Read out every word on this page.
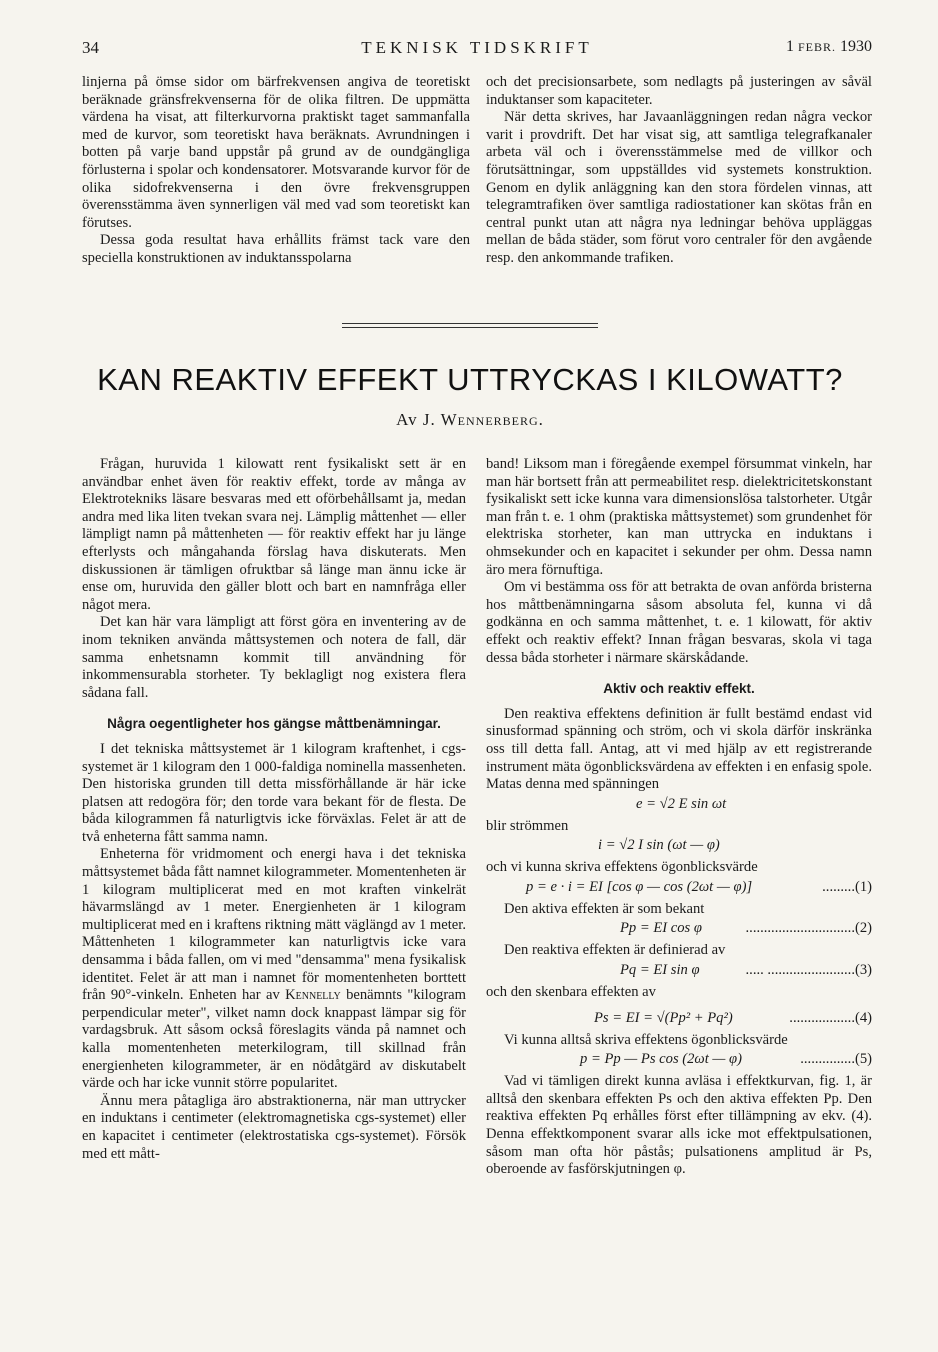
34	TEKNISK TIDSKRIFT	1 FEBR. 1930

linjerna på ömse sidor om bärfrekvensen angiva de teoretiskt beräknade gränsfrekvenserna för de olika filtren. De uppmätta värdena ha visat, att filterkurvorna praktiskt taget sammanfalla med de kurvor, som teoretiskt hava beräknats. Avrundningen i botten på varje band uppstår på grund av de oundgängliga förlusterna i spolar och kondensatorer. Motsvarande kurvor för de olika sidofrekvenserna i den övre frekvensgruppen överensstämma även synnerligen väl med vad som teoretiskt kan förutses.

Dessa goda resultat hava erhållits främst tack vare den speciella konstruktionen av induktansspolarna

och det precisionsarbete, som nedlagts på justeringen av såväl induktanser som kapaciteter.

När detta skrives, har Javaanläggningen redan några veckor varit i provdrift. Det har visat sig, att samtliga telegrafkanaler arbeta väl och i överensstämmelse med de villkor och förutsättningar, som uppställdes vid systemets konstruktion. Genom en dylik anläggning kan den stora fördelen vinnas, att telegramtrafiken över samtliga radiostationer kan skötas från en central punkt utan att några nya ledningar behöva uppläggas mellan de båda städer, som förut voro centraler för den avgående resp. den ankommande trafiken.

KAN REAKTIV EFFEKT UTTRYCKAS I KILOWATT?
Av J. Wennerberg.

Frågan, huruvida 1 kilowatt rent fysikaliskt sett är en användbar enhet även för reaktiv effekt, torde av många av Elektrotekniks läsare besvaras med ett oförbehållsamt ja, medan andra med lika liten tvekan svara nej. Lämplig måttenhet — eller lämpligt namn på måttenheten — för reaktiv effekt har ju länge efterlysts och mångahanda förslag hava diskuterats. Men diskussionen är tämligen ofruktbar så länge man ännu icke är ense om, huruvida den gäller blott och bart en namnfråga eller något mera.

Det kan här vara lämpligt att först göra en inventering av de inom tekniken använda måttsystemen och notera de fall, där samma enhetsnamn kommit till användning för inkommensurabla storheter. Ty beklagligt nog existera flera sådana fall.

Några oegentligheter hos gängse måttbenämningar.

I det tekniska måttsystemet är 1 kilogram kraftenhet, i cgs-systemet är 1 kilogram den 1 000-faldiga nominella massenheten. Den historiska grunden till detta missförhållande är här icke platsen att redogöra för; den torde vara bekant för de flesta. De båda kilogrammen få naturligtvis icke förväxlas. Felet är att de två enheterna fått samma namn.

Enheterna för vridmoment och energi hava i det tekniska måttsystemet båda fått namnet kilogrammeter. Momentenheten är 1 kilogram multiplicerat med en mot kraften vinkelrät hävarmslängd av 1 meter. Energienheten är 1 kilogram multiplicerat med en i kraftens riktning mätt väglängd av 1 meter. Måttenheten 1 kilogrammeter kan naturligtvis icke vara densamma i båda fallen, om vi med "densamma" mena fysikalisk identitet. Felet är att man i namnet för momentenheten borttett från 90°-vinkeln. Enheten har av Kennelly benämnts "kilogram perpendicular meter", vilket namn dock knappast lämpar sig för vardagsbruk. Att såsom också föreslagits vända på namnet och kalla momentenheten meterkilogram, till skillnad från energienheten kilogrammeter, är en nödåtgärd av diskutabelt värde och har icke vunnit större popularitet.

Ännu mera påtagliga äro abstraktionerna, när man uttrycker en induktans i centimeter (elektromagnetiska cgs-systemet) eller en kapacitet i centimeter (elektrostatiska cgs-systemet). Försök med ett mått-

band! Liksom man i föregående exempel försummat vinkeln, har man här bortsett från att permeabilitet resp. dielektricitetskonstant fysikaliskt sett icke kunna vara dimensionslösa talstorheter. Utgår man från t. e. 1 ohm (praktiska måttsystemet) som grundenhet för elektriska storheter, kan man uttrycka en induktans i ohmsekunder och en kapacitet i sekunder per ohm. Dessa namn äro mera förnuftiga.

Om vi bestämma oss för att betrakta de ovan anförda bristerna hos måttbenämningarna såsom absoluta fel, kunna vi då godkänna en och samma måttenhet, t. e. 1 kilowatt, för aktiv effekt och reaktiv effekt? Innan frågan besvaras, skola vi taga dessa båda storheter i närmare skärskådande.

Aktiv och reaktiv effekt.

Den reaktiva effektens definition är fullt bestämd endast vid sinusformad spänning och ström, och vi skola därför inskränka oss till detta fall. Antag, att vi med hjälp av ett registrerande instrument mäta ögonblicksvärdena av effekten i en enfasig spole. Matas denna med spänningen

e = √2 E sin ωt

blir strömmen

i = √2 I sin (ωt — φ)

och vi kunna skriva effektens ögonblicksvärde

p = e · i = EI [cos φ — cos (2ωt — φ)]	.........(1)

Den aktiva effekten är som bekant

Pp = EI cos φ	..............................(2)

Den reaktiva effekten är definierad av

Pq = EI sin φ	..... ........................(3)

och den skenbara effekten av

Ps = EI = √(Pp² + Pq²)	..................(4)

Vi kunna alltså skriva effektens ögonblicksvärde

p = Pp — Ps cos (2ωt — φ)	...............(5)

Vad vi tämligen direkt kunna avläsa i effektkurvan, fig. 1, är alltså den skenbara effekten Ps och den aktiva effekten Pp. Den reaktiva effekten Pq erhålles först efter tillämpning av ekv. (4). Denna effektkomponent svarar alls icke mot effektpulsationen, såsom man ofta hör påstås; pulsationens amplitud är Ps, oberoende av fasförskjutningen φ.
